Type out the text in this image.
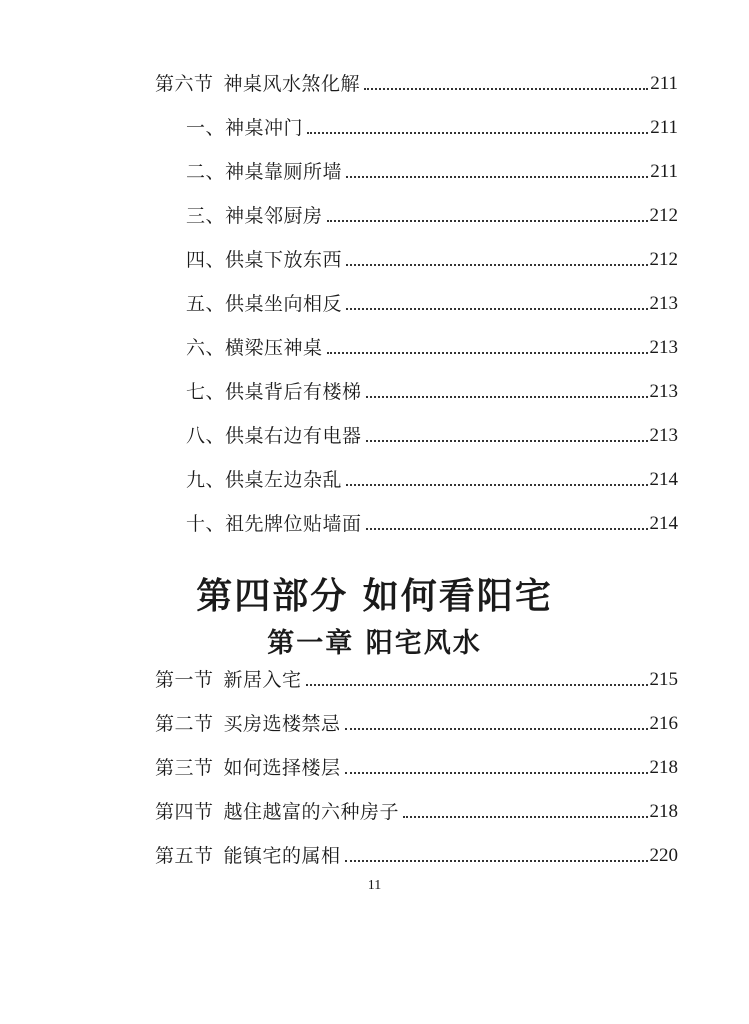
第六节 神桌风水煞化解	211
一、神桌冲门	211
二、神桌靠厕所墙	211
三、神桌邻厨房	212
四、供桌下放东西	212
五、供桌坐向相反	213
六、横梁压神桌	213
七、供桌背后有楼梯	213
八、供桌右边有电器	213
九、供桌左边杂乱	214
十、祖先牌位贴墙面	214
第四部分 如何看阳宅
第一章 阳宅风水
第一节 新居入宅	215
第二节 买房选楼禁忌	216
第三节 如何选择楼层	218
第四节 越住越富的六种房子	218
第五节 能镇宅的属相	220
11
